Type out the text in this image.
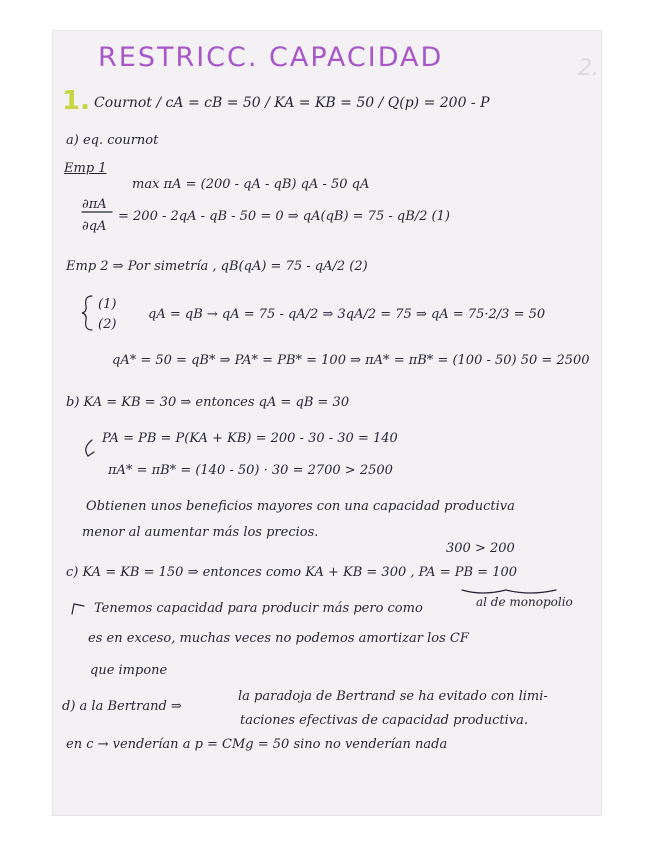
2.
RESTRICC. CAPACIDAD
1. Cournot / cA = cB = 50 / KA = KB = 50 / Q(p) = 200 - P
a) eq. cournot
Emp 1
max πA = (200 - qA - qB) qA - 50 qA
∂πA
∂qA
= 200 - 2qA - qB - 50 = 0 ⇒ qA(qB) = 75 - qB/2 (1)
Emp 2 ⇒ Por simetría , qB(qA) = 75 - qA/2 (2)
(1)
(2)
qA = qB → qA = 75 - qA/2 ⇒ 3qA/2 = 75 ⇒ qA = 75·2/3 = 50
qA* = 50 = qB* ⇒ PA* = PB* = 100 ⇒ πA* = πB* = (100 - 50) 50 = 2500
b) KA = KB = 30 ⇒ entonces qA = qB = 30
PA = PB = P(KA + KB) = 200 - 30 - 30 = 140
πA* = πB* = (140 - 50) · 30 = 2700 > 2500
Obtienen unos beneficios mayores con una capacidad productiva
menor al aumentar más los precios.
300 > 200
c) KA = KB = 150 ⇒ entonces como KA + KB = 300 , PA = PB = 100
al de monopolio
Tenemos capacidad para producir más pero como
es en exceso, muchas veces no podemos amortizar los CF
que impone
d) a la Bertrand ⇒
la paradoja de Bertrand se ha evitado con limi-
taciones efectivas de capacidad productiva.
en c → venderían a p = CMg = 50 sino no venderían nada
